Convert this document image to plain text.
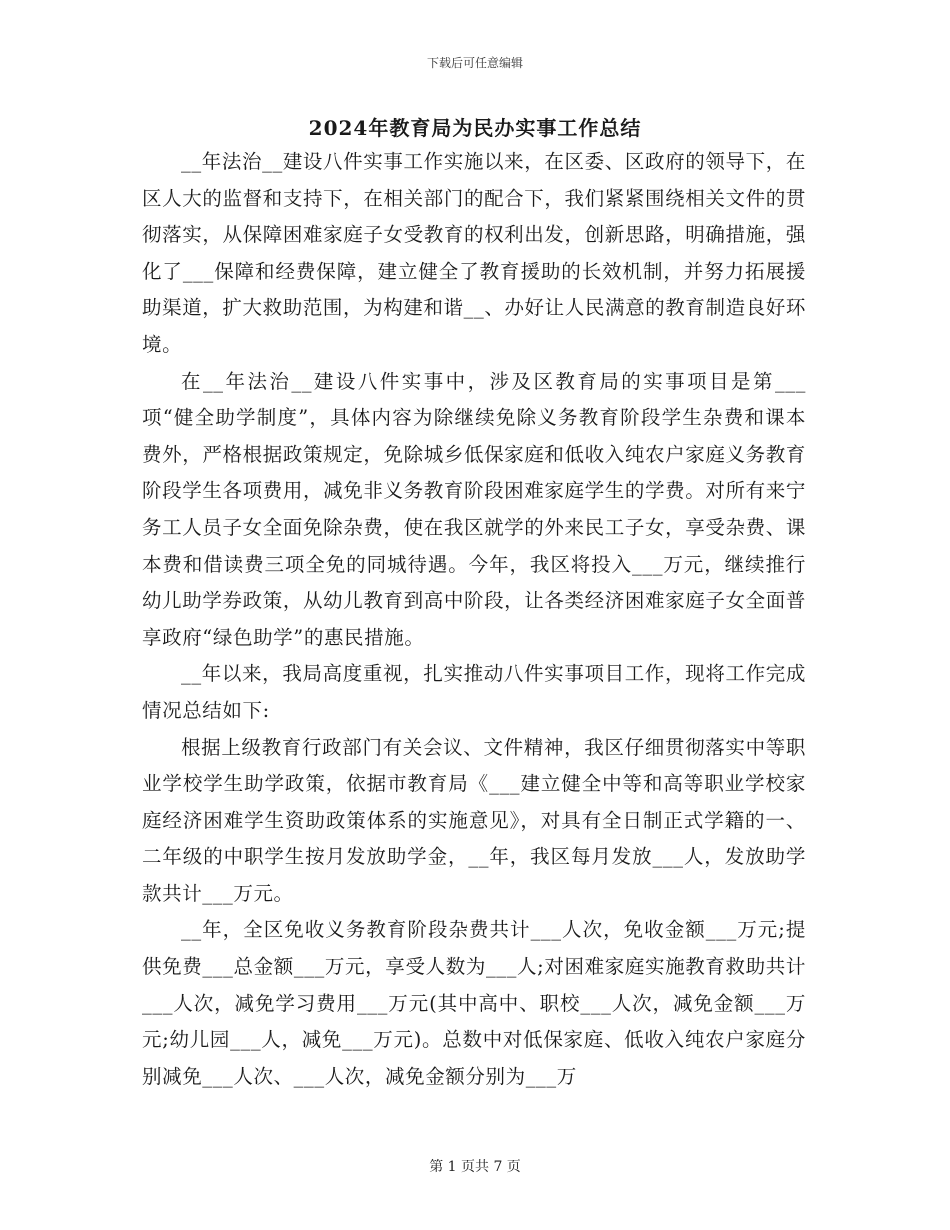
下载后可任意编辑
2024年教育局为民办实事工作总结

__年法治__建设八件实事工作实施以来，在区委、区政府的领导下，在区人大的监督和支持下，在相关部门的配合下，我们紧紧围绕相关文件的贯彻落实，从保障困难家庭子女受教育的权利出发，创新思路，明确措施，强化了___保障和经费保障，建立健全了教育援助的长效机制，并努力拓展援助渠道，扩大救助范围，为构建和谐__、办好让人民满意的教育制造良好环境。

在__年法治__建设八件实事中，涉及区教育局的实事项目是第___项“健全助学制度”，具体内容为除继续免除义务教育阶段学生杂费和课本费外，严格根据政策规定，免除城乡低保家庭和低收入纯农户家庭义务教育阶段学生各项费用，减免非义务教育阶段困难家庭学生的学费。对所有来宁务工人员子女全面免除杂费，使在我区就学的外来民工子女，享受杂费、课本费和借读费三项全免的同城待遇。今年，我区将投入___万元，继续推行幼儿助学券政策，从幼儿教育到高中阶段，让各类经济困难家庭子女全面普享政府“绿色助学”的惠民措施。

__年以来，我局高度重视，扎实推动八件实事项目工作，现将工作完成情况总结如下:

根据上级教育行政部门有关会议、文件精神，我区仔细贯彻落实中等职业学校学生助学政策，依据市教育局《___建立健全中等和高等职业学校家庭经济困难学生资助政策体系的实施意见》，对具有全日制正式学籍的一、二年级的中职学生按月发放助学金，__年，我区每月发放___人，发放助学款共计___万元。

__年，全区免收义务教育阶段杂费共计___人次，免收金额___万元;提供免费___总金额___万元，享受人数为___人;对困难家庭实施教育救助共计___人次，减免学习费用___万元(其中高中、职校___人次，减免金额___万元;幼儿园___人，减免___万元)。总数中对低保家庭、低收入纯农户家庭分别减免___人次、___人次，减免金额分别为___万

第 1 页共 7 页
